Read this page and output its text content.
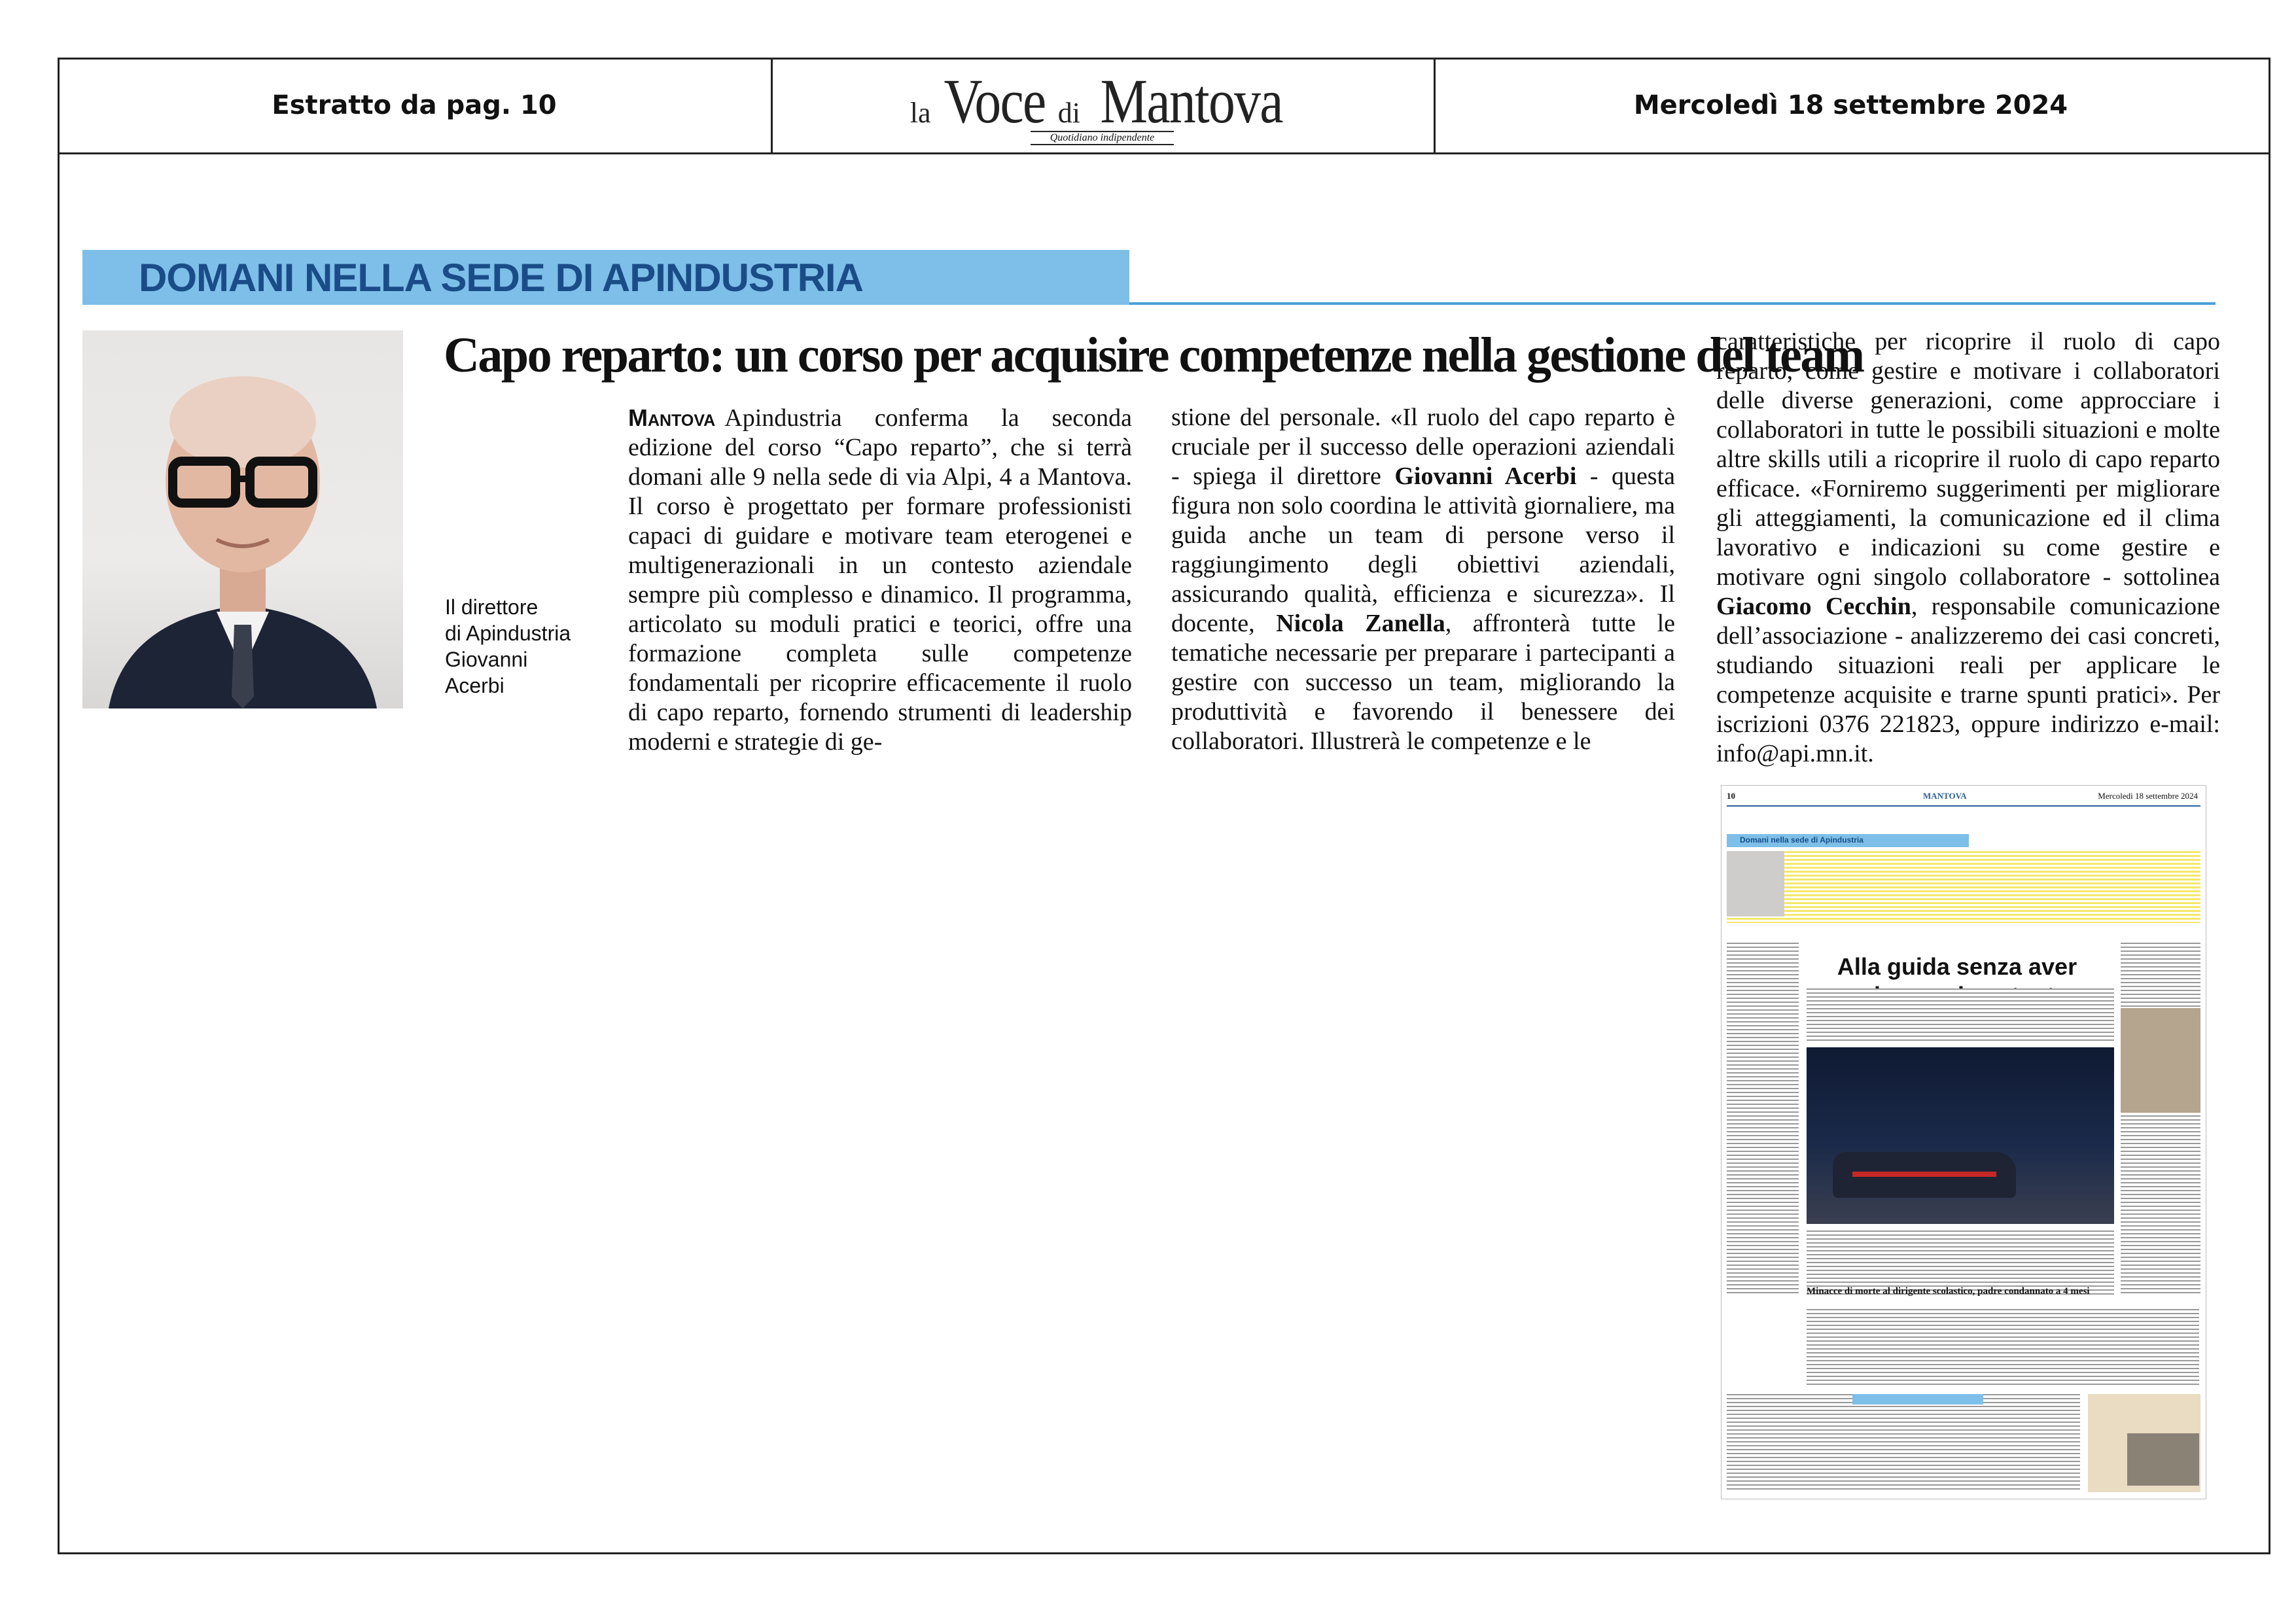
Estratto da pag. 10	la Voce di Mantova
Quotidiano indipendente
Mercoledì 18 settembre 2024
DOMANI NELLA SEDE DI APINDUSTRIA
Il direttore
di Apindustria
Giovanni
Acerbi
Capo reparto: un corso per acquisire competenze nella gestione del team
Mantova Apindustria conferma la seconda edizione del corso “Capo reparto”, che si terrà domani alle 9 nella sede di via Alpi, 4 a Mantova. Il corso è progettato per formare professionisti capaci di guidare e motivare team eterogenei e multigenerazionali in un contesto aziendale sempre più complesso e dinamico. Il programma, articolato su moduli pratici e teorici, offre una formazione completa sulle competenze fondamentali per ricoprire efficacemente il ruolo di capo reparto, fornendo strumenti di leadership moderni e strategie di ge-
stione del personale. «Il ruolo del capo reparto è cruciale per il successo delle operazioni aziendali - spiega il direttore Giovanni Acerbi - questa figura non solo coordina le attività giornaliere, ma guida anche un team di persone verso il raggiungimento degli obiettivi aziendali, assicurando qualità, efficienza e sicurezza». Il docente, Nicola Zanella, affronterà tutte le tematiche necessarie per preparare i partecipanti a gestire con successo un team, migliorando la produttività e favorendo il benessere dei collaboratori. Illustrerà le competenze e le
caratteristiche per ricoprire il ruolo di capo reparto, come gestire e motivare i collaboratori delle diverse generazioni, come approcciare i collaboratori in tutte le possibili situazioni e molte altre skills utili a ricoprire il ruolo di capo reparto efficace. «Forniremo suggerimenti per migliorare gli atteggiamenti, la comunicazione ed il clima lavorativo e indicazioni su come gestire e motivare ogni singolo collaboratore - sottolinea Giacomo Cecchin, responsabile comunicazione dell’associazione - analizzeremo dei casi concreti, studiando situazioni reali per applicare le competenze acquisite e trarne spunti pratici». Per iscrizioni 0376 221823, oppure indirizzo e-mail: info@api.mn.it.
10	MANTOVA	Mercoledì 18 settembre 2024
Domani nella sede di Apindustria
Alla guida senza aver
Minacce di morte al dirigente scolastico, padre condannato a 4 mesi
